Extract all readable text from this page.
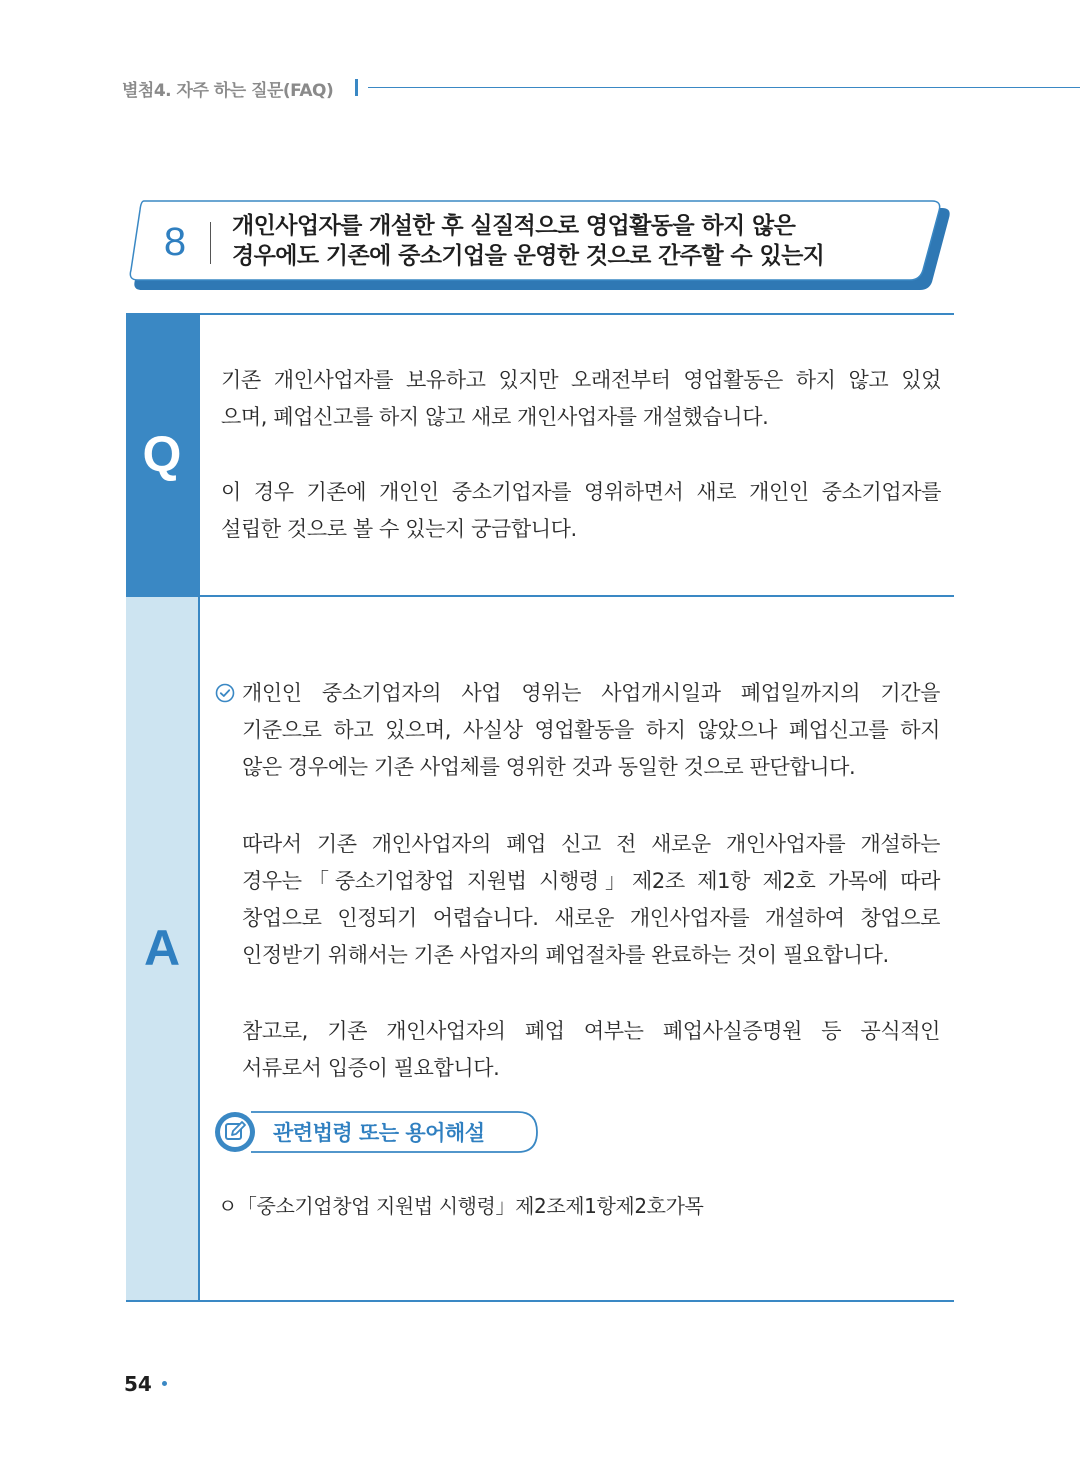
별첨4. 자주 하는 질문(FAQ)
8	개인사업자를 개설한 후 실질적으로 영업활동을 하지 않은
경우에도 기존에 중소기업을 운영한 것으로 간주할 수 있는지
Q
기존 개인사업자를 보유하고 있지만 오래전부터 영업활동은 하지 않고 있었
으며, 폐업신고를 하지 않고 새로 개인사업자를 개설했습니다.
이 경우 기존에 개인인 중소기업자를 영위하면서 새로 개인인 중소기업자를
설립한 것으로 볼 수 있는지 궁금합니다.
A
개인인 중소기업자의 사업 영위는 사업개시일과 폐업일까지의 기간을
기준으로 하고 있으며, 사실상 영업활동을 하지 않았으나 폐업신고를 하지
않은 경우에는 기존 사업체를 영위한 것과 동일한 것으로 판단합니다.
따라서 기존 개인사업자의 폐업 신고 전 새로운 개인사업자를 개설하는
경우는「중소기업창업 지원법 시행령」제2조 제1항 제2호 가목에 따라
창업으로 인정되기 어렵습니다. 새로운 개인사업자를 개설하여 창업으로
인정받기 위해서는 기존 사업자의 폐업절차를 완료하는 것이 필요합니다.
참고로, 기존 개인사업자의 폐업 여부는 폐업사실증명원 등 공식적인
서류로서 입증이 필요합니다.
관련법령 또는 용어해설
ㅇ「중소기업창업 지원법 시행령」제2조제1항제2호가목
54
